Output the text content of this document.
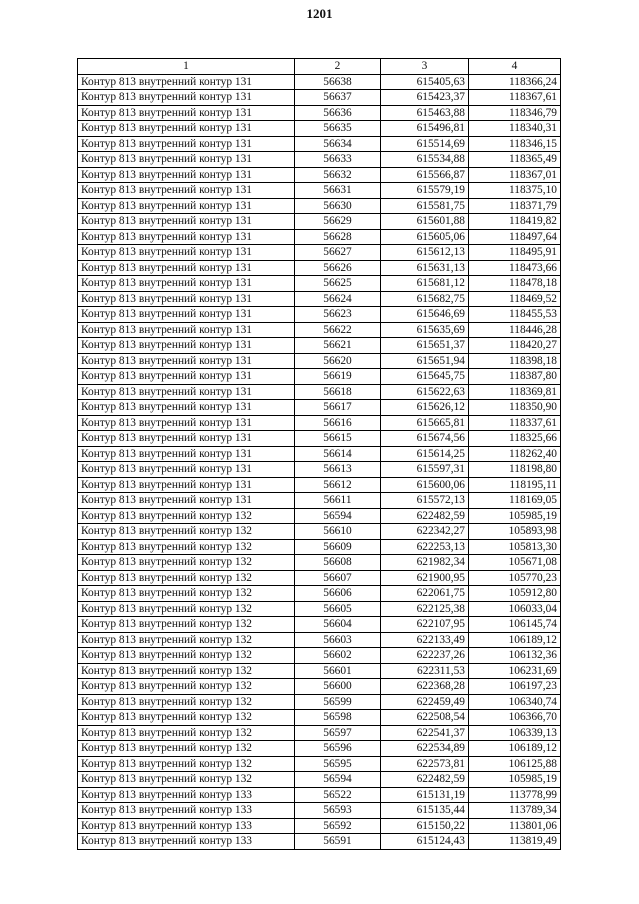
1201
1	2	3	4
Контур 813 внутренний контур 131	56638	615405,63	118366,24
Контур 813 внутренний контур 131	56637	615423,37	118367,61
Контур 813 внутренний контур 131	56636	615463,88	118346,79
Контур 813 внутренний контур 131	56635	615496,81	118340,31
Контур 813 внутренний контур 131	56634	615514,69	118346,15
Контур 813 внутренний контур 131	56633	615534,88	118365,49
Контур 813 внутренний контур 131	56632	615566,87	118367,01
Контур 813 внутренний контур 131	56631	615579,19	118375,10
Контур 813 внутренний контур 131	56630	615581,75	118371,79
Контур 813 внутренний контур 131	56629	615601,88	118419,82
Контур 813 внутренний контур 131	56628	615605,06	118497,64
Контур 813 внутренний контур 131	56627	615612,13	118495,91
Контур 813 внутренний контур 131	56626	615631,13	118473,66
Контур 813 внутренний контур 131	56625	615681,12	118478,18
Контур 813 внутренний контур 131	56624	615682,75	118469,52
Контур 813 внутренний контур 131	56623	615646,69	118455,53
Контур 813 внутренний контур 131	56622	615635,69	118446,28
Контур 813 внутренний контур 131	56621	615651,37	118420,27
Контур 813 внутренний контур 131	56620	615651,94	118398,18
Контур 813 внутренний контур 131	56619	615645,75	118387,80
Контур 813 внутренний контур 131	56618	615622,63	118369,81
Контур 813 внутренний контур 131	56617	615626,12	118350,90
Контур 813 внутренний контур 131	56616	615665,81	118337,61
Контур 813 внутренний контур 131	56615	615674,56	118325,66
Контур 813 внутренний контур 131	56614	615614,25	118262,40
Контур 813 внутренний контур 131	56613	615597,31	118198,80
Контур 813 внутренний контур 131	56612	615600,06	118195,11
Контур 813 внутренний контур 131	56611	615572,13	118169,05
Контур 813 внутренний контур 132	56594	622482,59	105985,19
Контур 813 внутренний контур 132	56610	622342,27	105893,98
Контур 813 внутренний контур 132	56609	622253,13	105813,30
Контур 813 внутренний контур 132	56608	621982,34	105671,08
Контур 813 внутренний контур 132	56607	621900,95	105770,23
Контур 813 внутренний контур 132	56606	622061,75	105912,80
Контур 813 внутренний контур 132	56605	622125,38	106033,04
Контур 813 внутренний контур 132	56604	622107,95	106145,74
Контур 813 внутренний контур 132	56603	622133,49	106189,12
Контур 813 внутренний контур 132	56602	622237,26	106132,36
Контур 813 внутренний контур 132	56601	622311,53	106231,69
Контур 813 внутренний контур 132	56600	622368,28	106197,23
Контур 813 внутренний контур 132	56599	622459,49	106340,74
Контур 813 внутренний контур 132	56598	622508,54	106366,70
Контур 813 внутренний контур 132	56597	622541,37	106339,13
Контур 813 внутренний контур 132	56596	622534,89	106189,12
Контур 813 внутренний контур 132	56595	622573,81	106125,88
Контур 813 внутренний контур 132	56594	622482,59	105985,19
Контур 813 внутренний контур 133	56522	615131,19	113778,99
Контур 813 внутренний контур 133	56593	615135,44	113789,34
Контур 813 внутренний контур 133	56592	615150,22	113801,06
Контур 813 внутренний контур 133	56591	615124,43	113819,49
